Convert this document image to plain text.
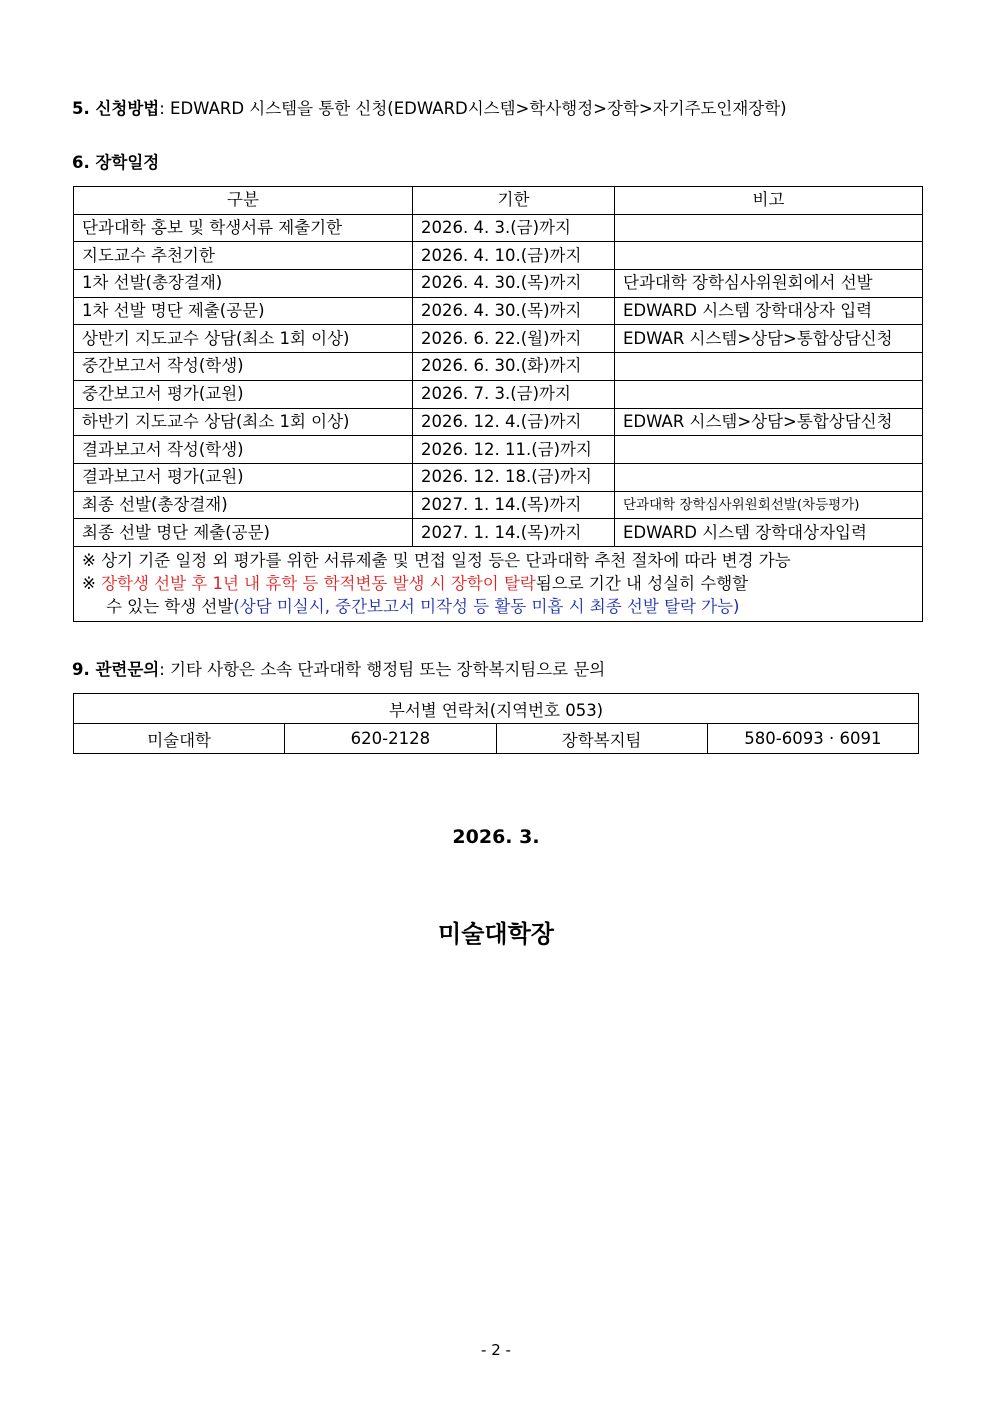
5. 신청방법: EDWARD 시스템을 통한 신청(EDWARD시스템>학사행정>장학>자기주도인재장학)
6. 장학일정
구분	기한	비고
단과대학 홍보 및 학생서류 제출기한	2026. 4. 3.(금)까지	
지도교수 추천기한	2026. 4. 10.(금)까지	
1차 선발(총장결재)	2026. 4. 30.(목)까지	단과대학 장학심사위원회에서 선발
1차 선발 명단 제출(공문)	2026. 4. 30.(목)까지	EDWARD 시스템 장학대상자 입력
상반기 지도교수 상담(최소 1회 이상)	2026. 6. 22.(월)까지	EDWAR 시스템>상담>통합상담신청
중간보고서 작성(학생)	2026. 6. 30.(화)까지	
중간보고서 평가(교원)	2026. 7. 3.(금)까지	
하반기 지도교수 상담(최소 1회 이상)	2026. 12. 4.(금)까지	EDWAR 시스템>상담>통합상담신청
결과보고서 작성(학생)	2026. 12. 11.(금)까지	
결과보고서 평가(교원)	2026. 12. 18.(금)까지	
최종 선발(총장결재)	2027. 1. 14.(목)까지	단과대학 장학심사위원회선발(차등평가)
최종 선발 명단 제출(공문)	2027. 1. 14.(목)까지	EDWARD 시스템 장학대상자입력

※ 상기 기준 일정 외 평가를 위한 서류제출 및 면접 일정 등은 단과대학 추천 절차에 따라 변경 가능
※ 장학생 선발 후 1년 내 휴학 등 학적변동 발생 시 장학이 탈락됨으로 기간 내 성실히 수행할
수 있는 학생 선발(상담 미실시, 중간보고서 미작성 등 활동 미흡 시 최종 선발 탈락 가능)		
9. 관련문의: 기타 사항은 소속 단과대학 행정팀 또는 장학복지팀으로 문의
부서별 연락처(지역번호 053)
미술대학	620-2128	장학복지팀	580-6093 · 6091
2026. 3.
미술대학장
- 2 -
